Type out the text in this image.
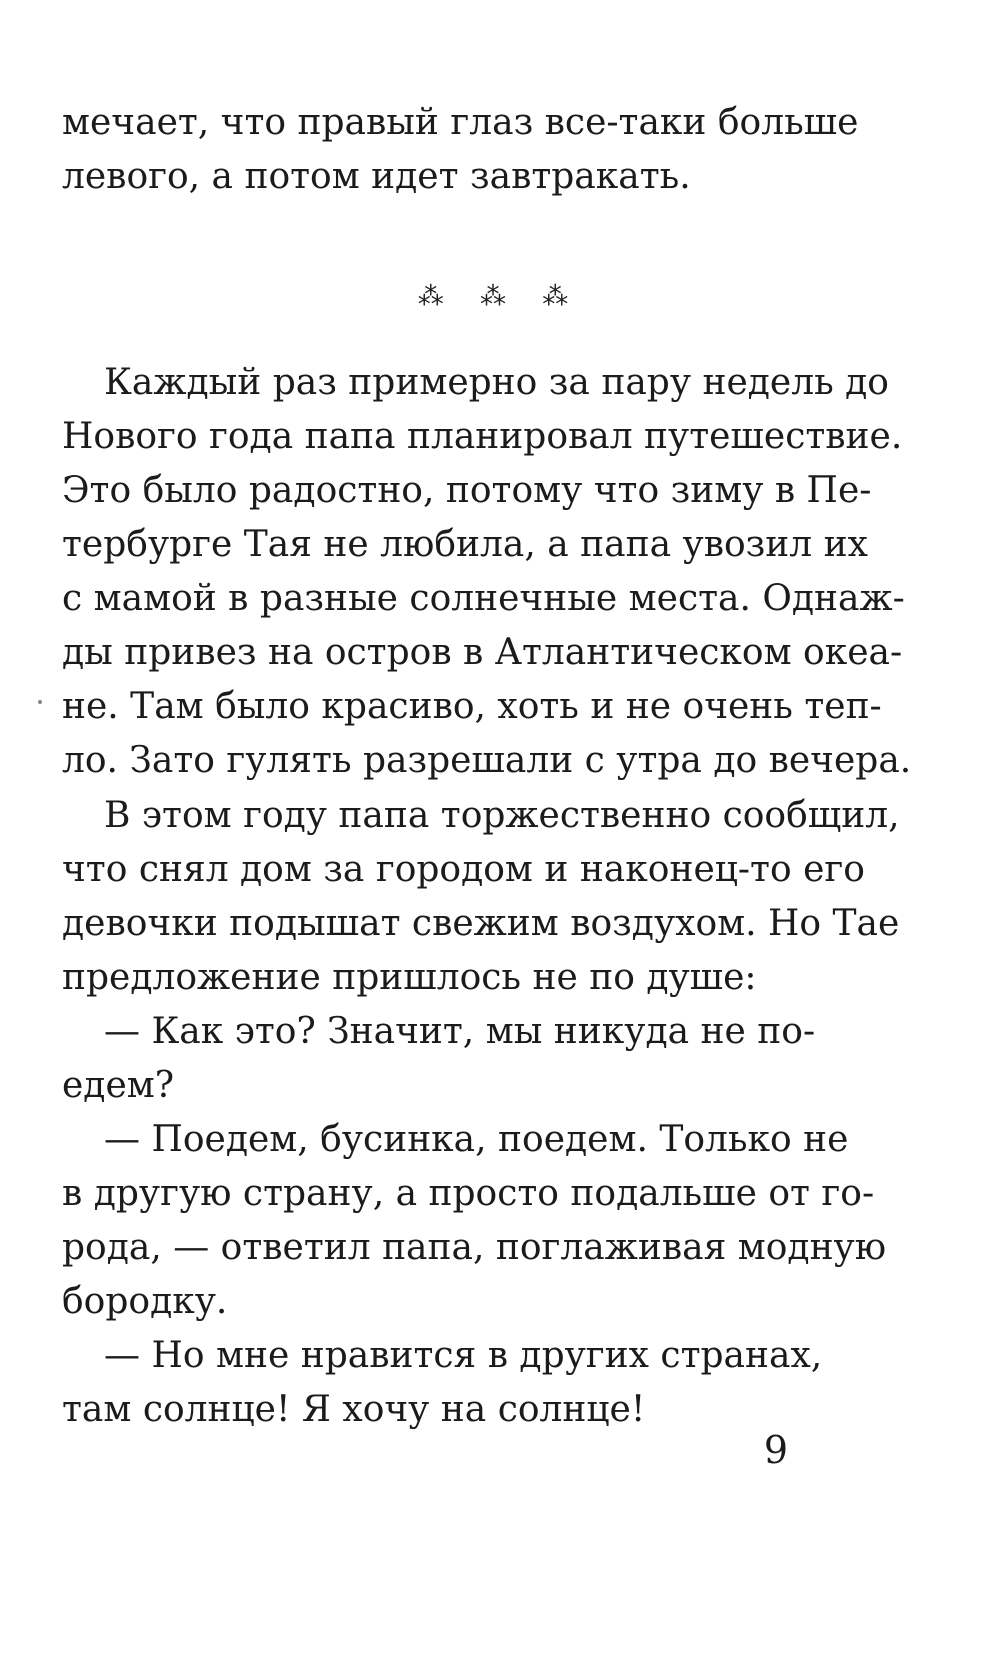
мечает, что правый глаз все-таки больше
левого, а потом идет завтракать.
⁂ ⁂ ⁂
Каждый раз примерно за пару недель до
Нового года папа планировал путешествие.
Это было радостно, потому что зиму в Пе-
тербурге Тая не любила, а папа увозил их
с мамой в разные солнечные места. Однаж-
ды привез на остров в Атлантическом океа-
не. Там было красиво, хоть и не очень теп-
ло. Зато гулять разрешали с утра до вечера.
В этом году папа торжественно сообщил,
что снял дом за городом и наконец-то его
девочки подышат свежим воздухом. Но Тае
предложение пришлось не по душе:
— Как это? Значит, мы никуда не по-
едем?
— Поедем, бусинка, поедем. Только не
в другую страну, а просто подальше от го-
рода, — ответил папа, поглаживая модную
бородку.
— Но мне нравится в других странах,
там солнце! Я хочу на солнце!
9
